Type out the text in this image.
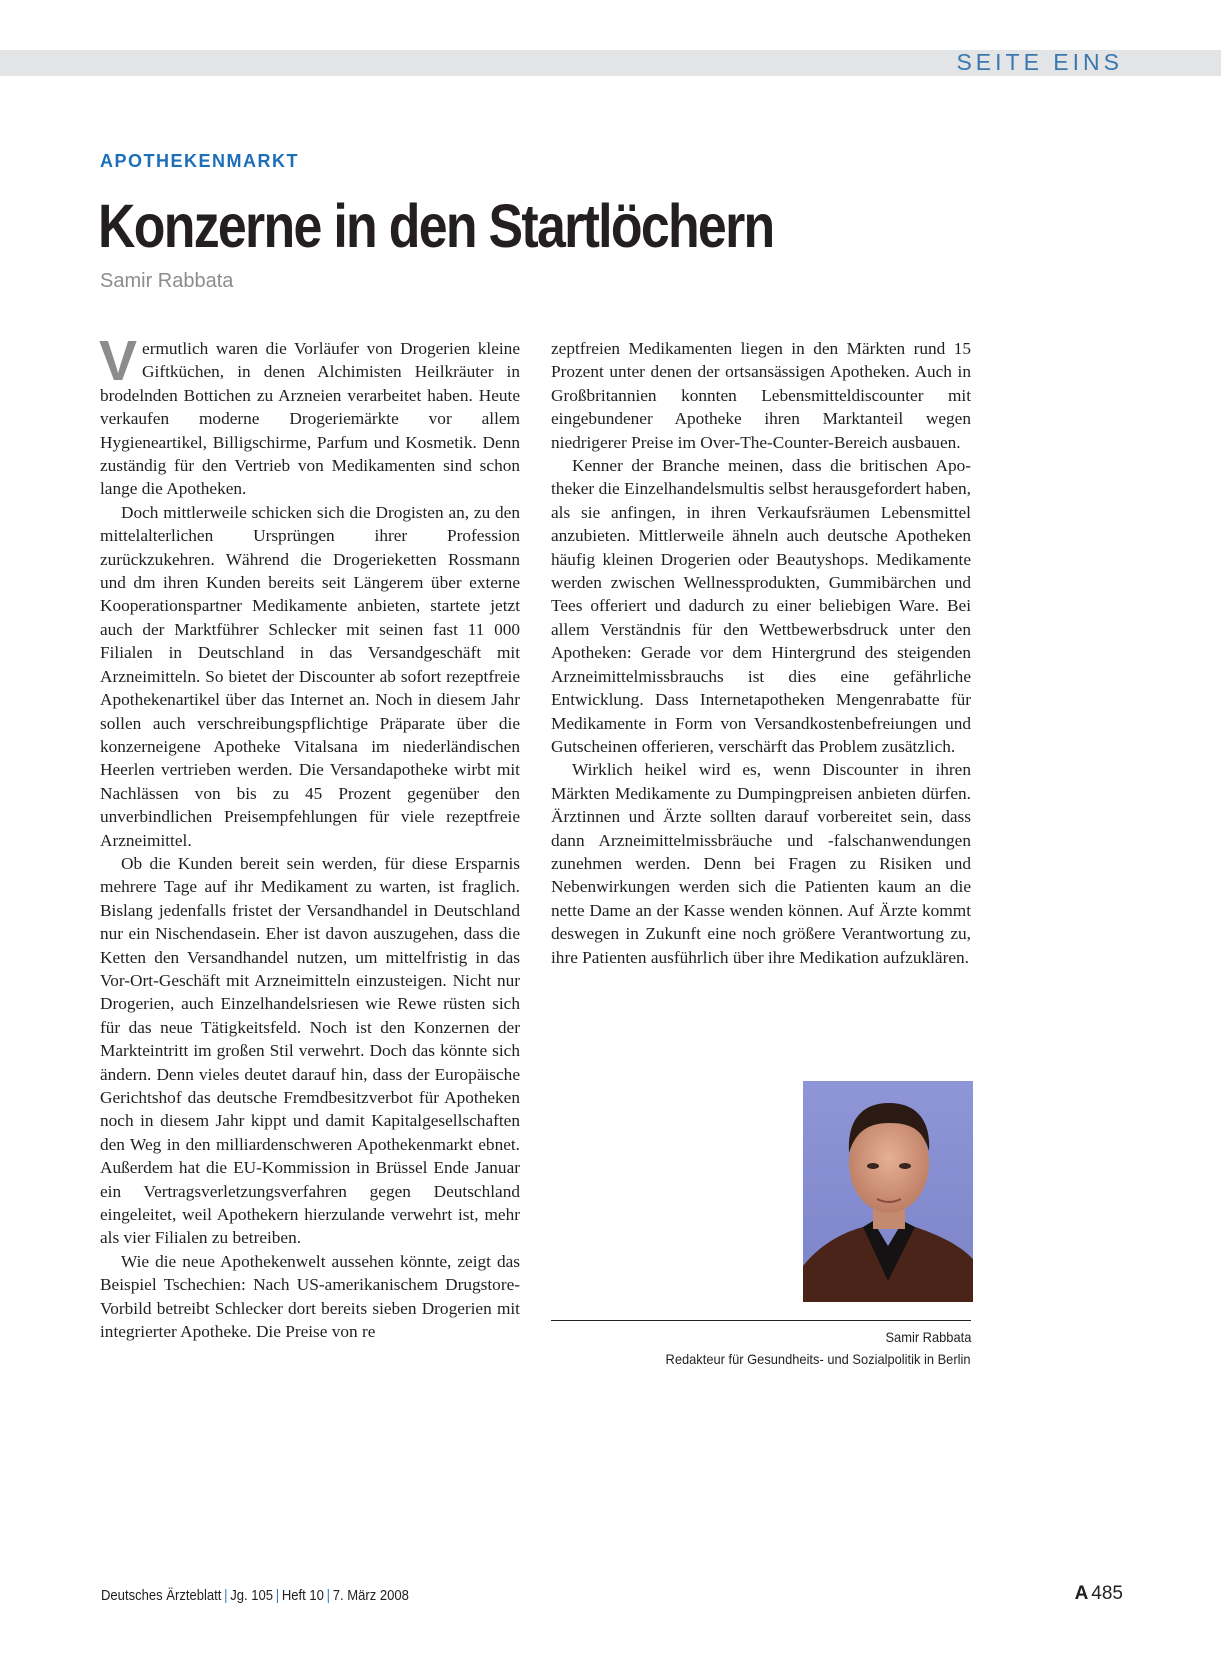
SEITE EINS
APOTHEKENMARKT
Konzerne in den Startlöchern
Samir Rabbata

Vermutlich waren die Vorläufer von Drogerien kleine Giftküchen, in denen Alchimisten Heilkräuter in brodelnden Bottichen zu Arzneien verarbeitet haben. Heute verkaufen moderne Drogeriemärkte vor allem Hygieneartikel, Billigschirme, Parfum und Kosmetik. Denn zuständig für den Vertrieb von Medikamenten sind schon lange die Apotheken.

Doch mittlerweile schicken sich die Drogisten an, zu den mittelalterlichen Ursprüngen ihrer Profession zurückzukehren. Während die Drogerieketten Rossmann und dm ihren Kunden bereits seit Längerem über externe Kooperationspartner Medikamente anbieten, startete jetzt auch der Marktführer Schlecker mit seinen fast 11 000 Filialen in Deutschland in das Versandgeschäft mit Arzneimitteln. So bietet der Discounter ab sofort rezeptfreie Apothekenartikel über das Internet an. Noch in diesem Jahr sollen auch verschreibungspflichtige Präparate über die konzerneigene Apotheke Vitalsana im niederländischen Heerlen vertrieben werden. Die Versandapotheke wirbt mit Nachlässen von bis zu 45 Prozent gegenüber den unverbindlichen Preisempfehlungen für viele rezeptfreie Arzneimittel.

Ob die Kunden bereit sein werden, für diese Ersparnis mehrere Tage auf ihr Medikament zu warten, ist fraglich. Bislang jedenfalls fristet der Versandhandel in Deutschland nur ein Nischendasein. Eher ist davon auszugehen, dass die Ketten den Versandhandel nutzen, um mittelfristig in das Vor-Ort-Geschäft mit Arzneimitteln einzusteigen. Nicht nur Drogerien, auch Einzelhandelsriesen wie Rewe rüsten sich für das neue Tätigkeitsfeld. Noch ist den Konzernen der Markteintritt im großen Stil verwehrt. Doch das könnte sich ändern. Denn vieles deutet darauf hin, dass der Europäische Gerichtshof das deutsche Fremdbesitzverbot für Apotheken noch in diesem Jahr kippt und damit Kapitalgesellschaften den Weg in den milliardenschweren Apothekenmarkt ebnet. Außerdem hat die EU-Kommission in Brüssel Ende Januar ein Vertragsverletzungsverfahren gegen Deutschland eingeleitet, weil Apothekern hierzulande verwehrt ist, mehr als vier Filialen zu betreiben.

Wie die neue Apothekenwelt aussehen könnte, zeigt das Beispiel Tschechien: Nach US-amerikanischem Drugstore-Vorbild betreibt Schlecker dort bereits sieben Drogerien mit integrierter Apotheke. Die Preise von re

zeptfreien Medikamenten liegen in den Märkten rund 15 Prozent unter denen der ortsansässigen Apotheken. Auch in Großbritannien konnten Lebensmitteldiscounter mit eingebundener Apotheke ihren Marktanteil wegen niedrigerer Preise im Over-The-Counter-Bereich ausbauen.

Kenner der Branche meinen, dass die britischen Apotheker die Einzelhandelsmultis selbst herausgefordert haben, als sie anfingen, in ihren Verkaufsräumen Lebensmittel anzubieten. Mittlerweile ähneln auch deutsche Apotheken häufig kleinen Drogerien oder Beautyshops. Medikamente werden zwischen Wellnessprodukten, Gummibärchen und Tees offeriert und dadurch zu einer beliebigen Ware. Bei allem Verständnis für den Wettbewerbsdruck unter den Apotheken: Gerade vor dem Hintergrund des steigenden Arzneimittelmissbrauchs ist dies eine gefährliche Entwicklung. Dass Internetapotheken Mengenrabatte für Medikamente in Form von Versandkostenbefreiungen und Gutscheinen offerieren, verschärft das Problem zusätzlich.

Wirklich heikel wird es, wenn Discounter in ihren Märkten Medikamente zu Dumpingpreisen anbieten dürfen. Ärztinnen und Ärzte sollten darauf vorbereitet sein, dass dann Arzneimittelmissbräuche und -falschanwendungen zunehmen werden. Denn bei Fragen zu Risiken und Nebenwirkungen werden sich die Patienten kaum an die nette Dame an der Kasse wenden können. Auf Ärzte kommt deswegen in Zukunft eine noch größere Verantwortung zu, ihre Patienten ausführlich über ihre Medikation aufzuklären.

Samir Rabbata
Redakteur für Gesundheits- und Sozialpolitik in Berlin
Deutsches Ärzteblatt | Jg. 105 | Heft 10 | 7. März 2008	A 485
